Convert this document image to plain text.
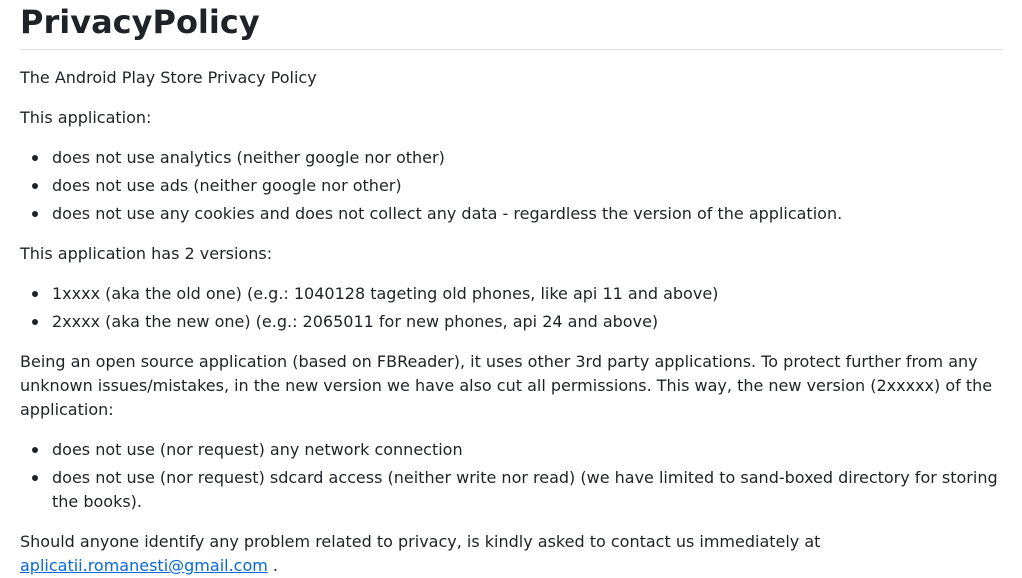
PrivacyPolicy

The Android Play Store Privacy Policy

This application:

does not use analytics (neither google nor other)
does not use ads (neither google nor other)
does not use any cookies and does not collect any data - regardless the version of the application.

This application has 2 versions:

1xxxx (aka the old one) (e.g.: 1040128 tageting old phones, like api 11 and above)
2xxxx (aka the new one) (e.g.: 2065011 for new phones, api 24 and above)

Being an open source application (based on FBReader), it uses other 3rd party applications. To protect further from any unknown issues/mistakes, in the new version we have also cut all permissions. This way, the new version (2xxxxx) of the application:

does not use (nor request) any network connection
does not use (nor request) sdcard access (neither write nor read) (we have limited to sand-boxed directory for storing the books).

Should anyone identify any problem related to privacy, is kindly asked to contact us immediately at aplicatii.romanesti@gmail.com .
